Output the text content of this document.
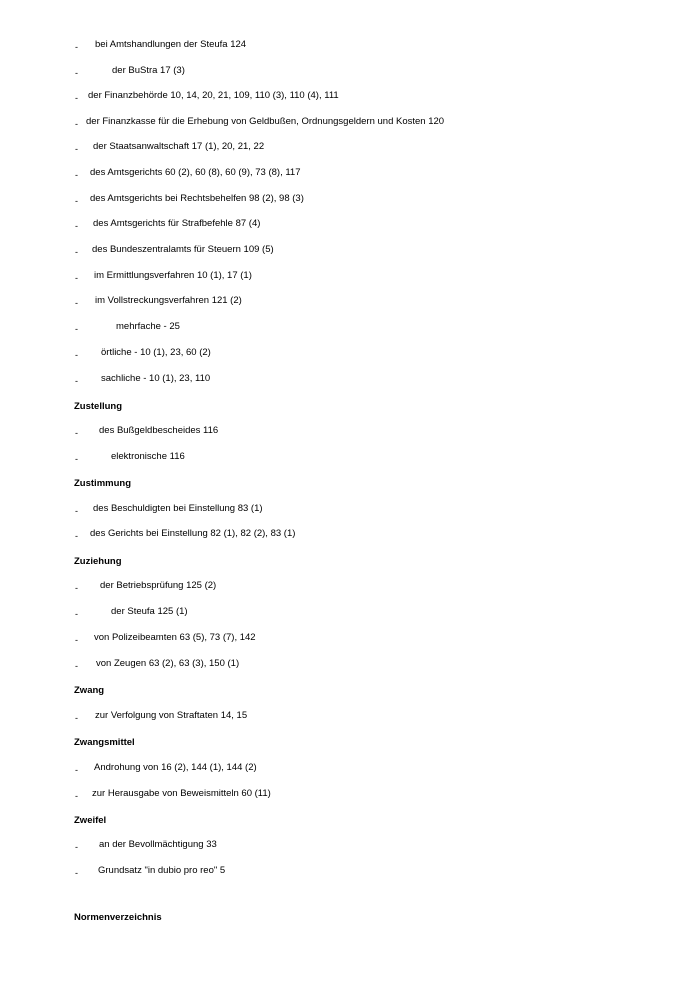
- bei Amtshandlungen der Steufa 124
-	der BuStra 17 (3)
- der Finanzbehörde 10, 14, 20, 21, 109, 110 (3), 110 (4), 111
- der Finanzkasse für die Erhebung von Geldbußen, Ordnungsgeldern und Kosten 120
- der Staatsanwaltschaft 17 (1), 20, 21, 22
- des Amtsgerichts 60 (2), 60 (8), 60 (9), 73 (8), 117
- des Amtsgerichts bei Rechtsbehelfen 98 (2), 98 (3)
- des Amtsgerichts für Strafbefehle 87 (4)
- des Bundeszentralamts für Steuern 109 (5)
- im Ermittlungsverfahren 10 (1), 17 (1)
- im Vollstreckungsverfahren 121 (2)
-	mehrfache - 25
- örtliche - 10 (1), 23, 60 (2)
- sachliche - 10 (1), 23, 110
Zustellung
- des Bußgeldbescheides 116
-	elektronische 116
Zustimmung
- des Beschuldigten bei Einstellung 83 (1)
- des Gerichts bei Einstellung 82 (1), 82 (2), 83 (1)
Zuziehung
- der Betriebsprüfung 125 (2)
-	der Steufa 125 (1)
- von Polizeibeamten 63 (5), 73 (7), 142
- von Zeugen 63 (2), 63 (3), 150 (1)
Zwang
- zur Verfolgung von Straftaten 14, 15
Zwangsmittel
- Androhung von 16 (2), 144 (1), 144 (2)
- zur Herausgabe von Beweismitteln 60 (11)
Zweifel
- an der Bevollmächtigung 33
- Grundsatz "in dubio pro reo" 5
Normenverzeichnis
